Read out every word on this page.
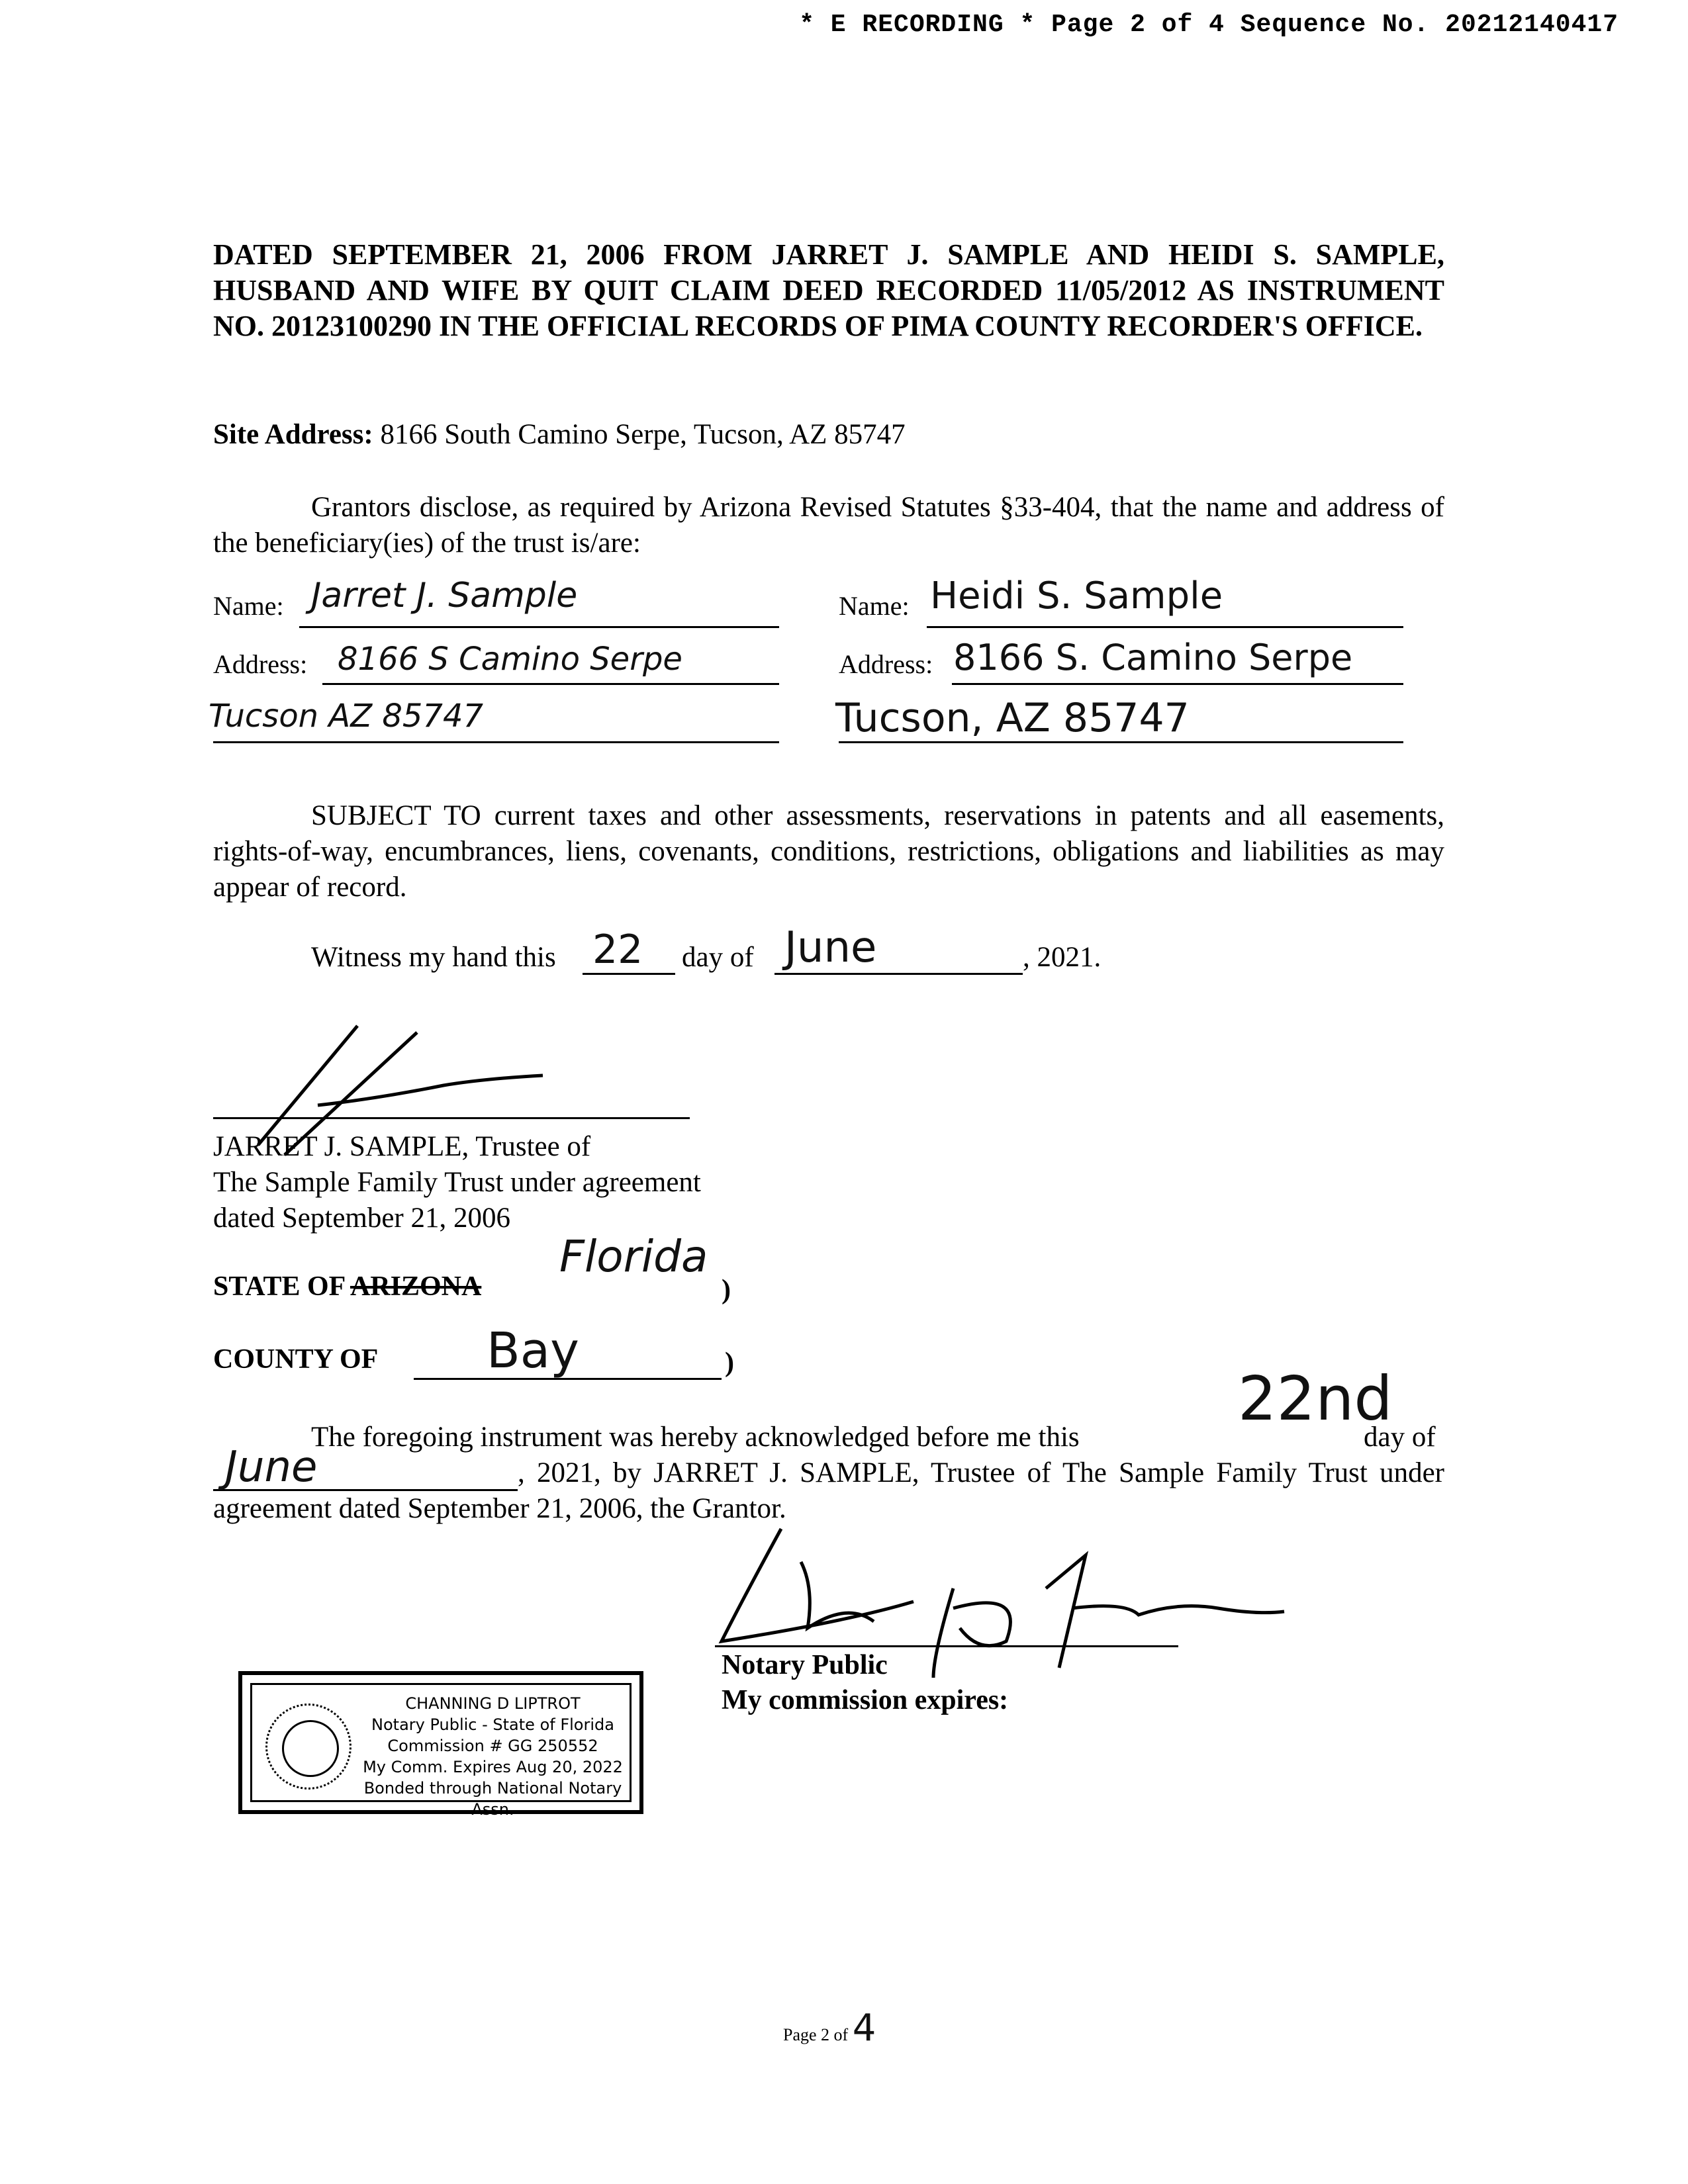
* E RECORDING * Page 2 of 4 Sequence No. 20212140417
DATED SEPTEMBER 21, 2006 FROM JARRET J. SAMPLE AND HEIDI S. SAMPLE, HUSBAND AND WIFE BY QUIT CLAIM DEED RECORDED 11/05/2012 AS INSTRUMENT NO. 20123100290 IN THE OFFICIAL RECORDS OF PIMA COUNTY RECORDER'S OFFICE.
Site Address: 8166 South Camino Serpe, Tucson, AZ 85747
Grantors disclose, as required by Arizona Revised Statutes §33-404, that the name and address of the beneficiary(ies) of the trust is/are:
Name: Jarret J. Sample
Address: 8166 S Camino Serpe
Tucson AZ 85747
Name: Heidi S. Sample
Address: 8166 S. Camino Serpe
Tucson, AZ 85747
SUBJECT TO current taxes and other assessments, reservations in patents and all easements, rights-of-way, encumbrances, liens, covenants, conditions, restrictions, obligations and liabilities as may appear of record.
Witness my hand this 22 day of June	, 2021.
JARRET J. SAMPLE, Trustee of
The Sample Family Trust under agreement
dated September 21, 2006
STATE OF ARIZONA
Florida
)
COUNTY OF Bay	)
The foregoing instrument was hereby acknowledged before me this
22nd
day of
June	, 2021, by JARRET J. SAMPLE, Trustee of The Sample Family Trust under agreement dated September 21, 2006, the Grantor.
Notary Public
My commission expires:
CHANNING D LIPTROT
Notary Public - State of Florida
Commission # GG 250552
My Comm. Expires Aug 20, 2022
Bonded through National Notary Assn.
Page 2 of 4
